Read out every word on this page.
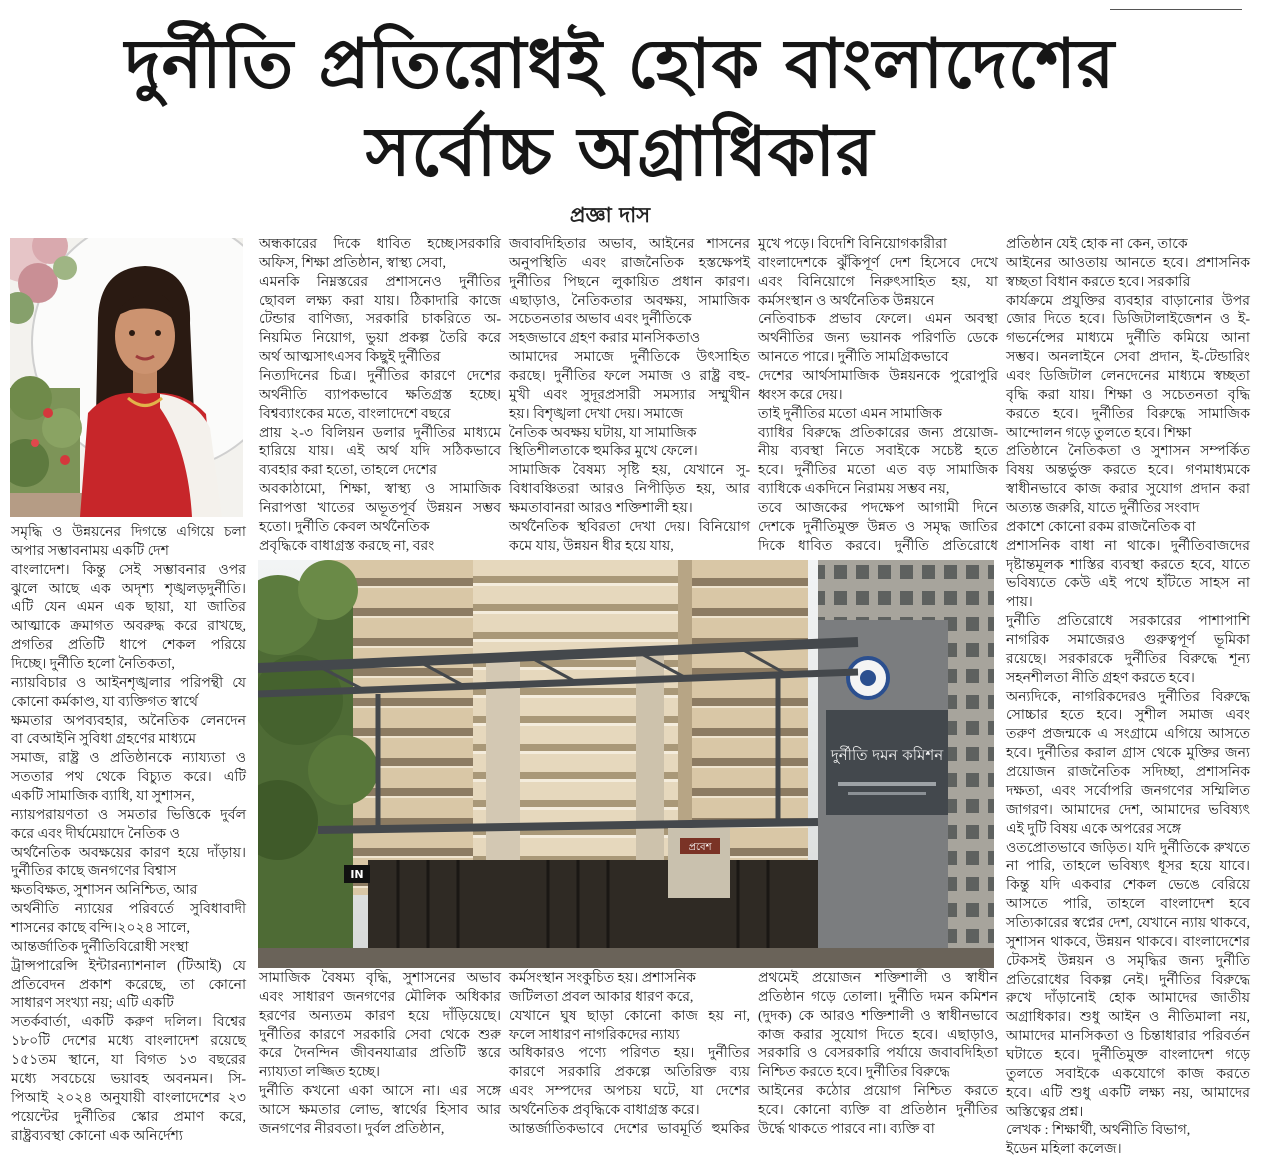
দুর্নীতি প্রতিরোধই হোক বাংলাদেশের
সর্বোচ্চ অগ্রাধিকার
প্রজ্ঞা দাস
দুর্নীতি দমন কমিশন
প্রবেশ
IN
সমৃদ্ধি ও উন্নয়নের দিগন্তে এগিয়ে চলা
অপার সম্ভাবনাময় একটি দেশ
বাংলাদেশ। কিন্তু সেই সম্ভাবনার ওপর
ঝুলে আছে এক অদৃশ্য শৃঙ্খলড়দুর্নীতি।
এটি যেন এমন এক ছায়া, যা জাতির
আত্মাকে ক্রমাগত অবরুদ্ধ করে রাখছে,
প্রগতির প্রতিটি ধাপে শেকল পরিয়ে
দিচ্ছে। দুর্নীতি হলো নৈতিকতা,
ন্যায়বিচার ও আইনশৃঙ্খলার পরিপন্থী যে
কোনো কর্মকাণ্ড, যা ব্যক্তিগত স্বার্থে
ক্ষমতার অপব্যবহার, অনৈতিক লেনদেন
বা বেআইনি সুবিধা গ্রহণের মাধ্যমে
সমাজ, রাষ্ট্র ও প্রতিষ্ঠানকে ন্যায্যতা ও
সততার পথ থেকে বিচ্যুত করে। এটি
একটি সামাজিক ব্যাধি, যা সুশাসন,
ন্যায়পরায়ণতা ও সমতার ভিত্তিকে দুর্বল
করে এবং দীর্ঘমেয়াদে নৈতিক ও
অর্থনৈতিক অবক্ষয়ের কারণ হয়ে দাঁড়ায়।
দুর্নীতির কাছে জনগণের বিশ্বাস
ক্ষতবিক্ষত, সুশাসন অনিশ্চিত, আর
অর্থনীতি ন্যায়ের পরিবর্তে সুবিধাবাদী
শাসনের কাছে বন্দি।২০২৪ সালে,
আন্তর্জাতিক দুর্নীতিবিরোধী সংস্থা
ট্রান্সপারেন্সি ইন্টারন্যাশনাল (টিআই) যে
প্রতিবেদন প্রকাশ করেছে, তা কোনো
সাধারণ সংখ্যা নয়; এটি একটি
সতর্কবার্তা, একটি করুণ দলিল। বিশ্বের
১৮০টি দেশের মধ্যে বাংলাদেশ রয়েছে
১৫১তম স্থানে, যা বিগত ১৩ বছরের
মধ্যে সবচেয়ে ভয়াবহ অবনমন। সি-
পিআই ২০২৪ অনুযায়ী বাংলাদেশের ২৩
পয়েন্টের দুর্নীতির স্কোর প্রমাণ করে,
রাষ্ট্রব্যবস্থা কোনো এক অনির্দেশ্য
অন্ধকারের দিকে ধাবিত হচ্ছে।সরকারি
অফিস, শিক্ষা প্রতিষ্ঠান, স্বাস্থ্য সেবা,
এমনকি নিম্নস্তরের প্রশাসনেও দুর্নীতির
ছোবল লক্ষ্য করা যায়। ঠিকাদারি কাজে
টেন্ডার বাণিজ্য, সরকারি চাকরিতে অ-
নিয়মিত নিয়োগ, ভুয়া প্রকল্প তৈরি করে
অর্থ আত্মসাৎএসব কিছুই দুর্নীতির
নিত্যদিনের চিত্র। দুর্নীতির কারণে দেশের
অর্থনীতি ব্যাপকভাবে ক্ষতিগ্রস্ত হচ্ছে।
বিশ্বব্যাংকের মতে, বাংলাদেশে বছরে
প্রায় ২-৩ বিলিয়ন ডলার দুর্নীতির মাধ্যমে
হারিয়ে যায়। এই অর্থ যদি সঠিকভাবে
ব্যবহার করা হতো, তাহলে দেশের
অবকাঠামো, শিক্ষা, স্বাস্থ্য ও সামাজিক
নিরাপত্তা খাতের অভূতপূর্ব উন্নয়ন সম্ভব
হতো। দুর্নীতি কেবল অর্থনৈতিক
প্রবৃদ্ধিকে বাধাগ্রস্ত করছে না, বরং
জবাবদিহিতার অভাব, আইনের শাসনের
অনুপস্থিতি এবং রাজনৈতিক হস্তক্ষেপই
দুর্নীতির পিছনে লুকায়িত প্রধান কারণ।
এছাড়াও, নৈতিকতার অবক্ষয়, সামাজিক
সচেতনতার অভাব এবং দুর্নীতিকে
সহজভাবে গ্রহণ করার মানসিকতাও
আমাদের সমাজে দুর্নীতিকে উৎসাহিত
করছে। দুর্নীতির ফলে সমাজ ও রাষ্ট্র বহু-
মুখী এবং সুদূরপ্রসারী সমস্যার সম্মুখীন
হয়। বিশৃঙ্খলা দেখা দেয়। সমাজে
নৈতিক অবক্ষয় ঘটায়, যা সামাজিক
স্থিতিশীলতাকে হুমকির মুখে ফেলে।
সামাজিক বৈষম্য সৃষ্টি হয়, যেখানে সু-
বিধাবঞ্চিতরা আরও নিপীড়িত হয়, আর
ক্ষমতাবানরা আরও শক্তিশালী হয়।
অর্থনৈতিক স্থবিরতা দেখা দেয়। বিনিয়োগ
কমে যায়, উন্নয়ন ধীর হয়ে যায়,
মুখে পড়ে। বিদেশি বিনিয়োগকারীরা
বাংলাদেশকে ঝুঁকিপূর্ণ দেশ হিসেবে দেখে
এবং বিনিয়োগে নিরুৎসাহিত হয়, যা
কর্মসংস্থান ও অর্থনৈতিক উন্নয়নে
নেতিবাচক প্রভাব ফেলে। এমন অবস্থা
অর্থনীতির জন্য ভয়ানক পরিণতি ডেকে
আনতে পারে। দুর্নীতি সামগ্রিকভাবে
দেশের আর্থসামাজিক উন্নয়নকে পুরোপুরি
ধ্বংস করে দেয়।
তাই দুর্নীতির মতো এমন সামাজিক
ব্যাধির বিরুদ্ধে প্রতিকারের জন্য প্রয়োজ-
নীয় ব্যবস্থা নিতে সবাইকে সচেষ্ট হতে
হবে। দুর্নীতির মতো এত বড় সামাজিক
ব্যাধিকে একদিনে নিরাময় সম্ভব নয়,
তবে আজকের পদক্ষেপ আগামী দিনে
দেশকে দুর্নীতিমুক্ত উন্নত ও সমৃদ্ধ জাতির
দিকে ধাবিত করবে। দুর্নীতি প্রতিরোধে
প্রতিষ্ঠান যেই হোক না কেন, তাকে
আইনের আওতায় আনতে হবে। প্রশাসনিক
স্বচ্ছতা বিধান করতে হবে। সরকারি
কার্যক্রমে প্রযুক্তির ব্যবহার বাড়ানোর উপর
জোর দিতে হবে। ডিজিটালাইজেশন ও ই-
গভর্নেন্সের মাধ্যমে দুর্নীতি কমিয়ে আনা
সম্ভব। অনলাইনে সেবা প্রদান, ই-টেন্ডারিং
এবং ডিজিটাল লেনদেনের মাধ্যমে স্বচ্ছতা
বৃদ্ধি করা যায়। শিক্ষা ও সচেতনতা বৃদ্ধি
করতে হবে। দুর্নীতির বিরুদ্ধে সামাজিক
আন্দোলন গড়ে তুলতে হবে। শিক্ষা
প্রতিষ্ঠানে নৈতিকতা ও সুশাসন সম্পর্কিত
বিষয় অন্তর্ভুক্ত করতে হবে। গণমাধ্যমকে
স্বাধীনভাবে কাজ করার সুযোগ প্রদান করা
অত্যন্ত জরুরি, যাতে দুর্নীতির সংবাদ
প্রকাশে কোনো রকম রাজনৈতিক বা
প্রশাসনিক বাধা না থাকে। দুর্নীতিবাজদের
দৃষ্টান্তমূলক শাস্তির ব্যবস্থা করতে হবে, যাতে
ভবিষ্যতে কেউ এই পথে হাঁটতে সাহস না
পায়।
দুর্নীতি প্রতিরোধে সরকারের পাশাপাশি
নাগরিক সমাজেরও গুরুত্বপূর্ণ ভূমিকা
রয়েছে। সরকারকে দুর্নীতির বিরুদ্ধে শূন্য
সহনশীলতা নীতি গ্রহণ করতে হবে।
অন্যদিকে, নাগরিকদেরও দুর্নীতির বিরুদ্ধে
সোচ্চার হতে হবে। সুশীল সমাজ এবং
তরুণ প্রজন্মকে এ সংগ্রামে এগিয়ে আসতে
হবে। দুর্নীতির করাল গ্রাস থেকে মুক্তির জন্য
প্রয়োজন রাজনৈতিক সদিচ্ছা, প্রশাসনিক
দক্ষতা, এবং সর্বোপরি জনগণের সম্মিলিত
জাগরণ। আমাদের দেশ, আমাদের ভবিষ্যৎ
এই দুটি বিষয় একে অপরের সঙ্গে
ওতপ্রোতভাবে জড়িত। যদি দুর্নীতিকে রুখতে
না পারি, তাহলে ভবিষ্যৎ ধূসর হয়ে যাবে।
কিন্তু যদি একবার শেকল ভেঙে বেরিয়ে
আসতে পারি, তাহলে বাংলাদেশ হবে
সত্যিকারের স্বপ্নের দেশ, যেখানে ন্যায় থাকবে,
সুশাসন থাকবে, উন্নয়ন থাকবে। বাংলাদেশের
টেকসই উন্নয়ন ও সমৃদ্ধির জন্য দুর্নীতি
প্রতিরোধের বিকল্প নেই। দুর্নীতির বিরুদ্ধে
রুখে দাঁড়ানোই হোক আমাদের জাতীয়
অগ্রাধিকার। শুধু আইন ও নীতিমালা নয়,
আমাদের মানসিকতা ও চিন্তাধারার পরিবর্তন
ঘটাতে হবে। দুর্নীতিমুক্ত বাংলাদেশ গড়ে
তুলতে সবাইকে একযোগে কাজ করতে
হবে। এটি শুধু একটি লক্ষ্য নয়, আমাদের
অস্তিত্বের প্রশ্ন।
লেখক : শিক্ষার্থী, অর্থনীতি বিভাগ,
ইডেন মহিলা কলেজ।
সামাজিক বৈষম্য বৃদ্ধি, সুশাসনের অভাব
এবং সাধারণ জনগণের মৌলিক অধিকার
হরণের অন্যতম কারণ হয়ে দাঁড়িয়েছে।
দুর্নীতির কারণে সরকারি সেবা থেকে শুরু
করে দৈনন্দিন জীবনযাত্রার প্রতিটি স্তরে
ন্যায্যতা লজ্জিত হচ্ছে।
দুর্নীতি কখনো একা আসে না। এর সঙ্গে
আসে ক্ষমতার লোভ, স্বার্থের হিসাব আর
জনগণের নীরবতা। দুর্বল প্রতিষ্ঠান,
কর্মসংস্থান সংকুচিত হয়। প্রশাসনিক
জটিলতা প্রবল আকার ধারণ করে,
যেখানে ঘুষ ছাড়া কোনো কাজ হয় না,
ফলে সাধারণ নাগরিকদের ন্যায্য
অধিকারও পণ্যে পরিণত হয়। দুর্নীতির
কারণে সরকারি প্রকল্পে অতিরিক্ত ব্যয়
এবং সম্পদের অপচয় ঘটে, যা দেশের
অর্থনৈতিক প্রবৃদ্ধিকে বাধাগ্রস্ত করে।
আন্তর্জাতিকভাবে দেশের ভাবমূর্তি হুমকির
প্রথমেই প্রয়োজন শক্তিশালী ও স্বাধীন
প্রতিষ্ঠান গড়ে তোলা। দুর্নীতি দমন কমিশন
(দুদক) কে আরও শক্তিশালী ও স্বাধীনভাবে
কাজ করার সুযোগ দিতে হবে। এছাড়াও,
সরকারি ও বেসরকারি পর্যায়ে জবাবদিহিতা
নিশ্চিত করতে হবে। দুর্নীতির বিরুদ্ধে
আইনের কঠোর প্রয়োগ নিশ্চিত করতে
হবে। কোনো ব্যক্তি বা প্রতিষ্ঠান দুর্নীতির
উর্দ্ধে থাকতে পারবে না। ব্যক্তি বা
